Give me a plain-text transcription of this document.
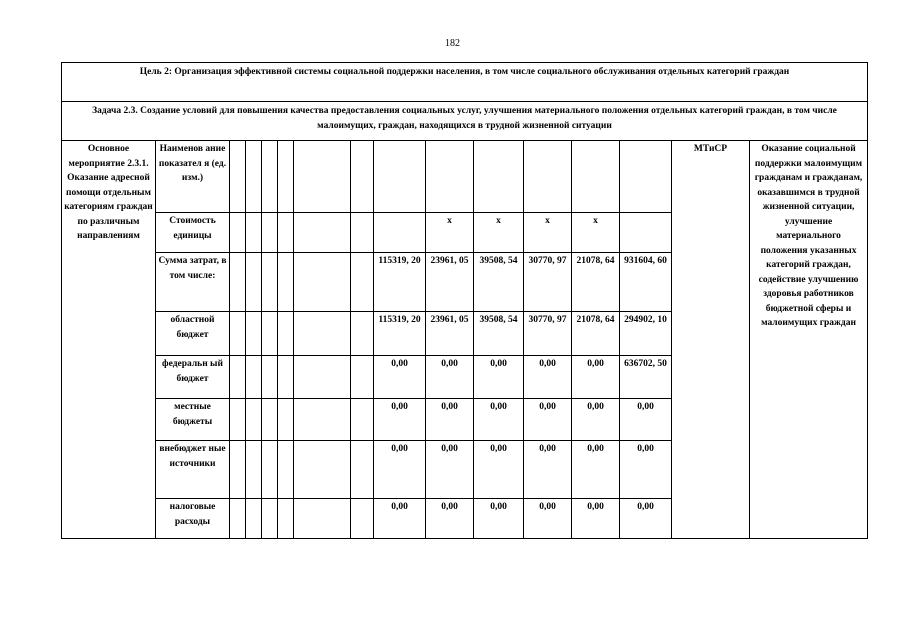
182
Цель 2: Организация эффективной системы социальной поддержки населения, в том числе социального обслуживания отдельных категорий граждан															
Задача 2.3. Создание условий для повышения качества предоставления социальных услуг, улучшения материального положения отдельных категорий граждан, в том числе малоимущих, граждан, находящихся в трудной жизненной ситуации															
Основное мероприятие 2.3.1. Оказание адресной помощи отдельным категориям граждан по различным направлениям	Наименов ание показател я (ед. изм.)													МТиСР	Оказание социальной поддержки малоимущим гражданам и гражданам, оказавшимся в трудной жизненной ситуации, улучшение материального положения указанных категорий граждан, содействие улучшению здоровья работников бюджетной сферы и малоимущих граждан
	Стоимость единицы								x	x	x	x			
	Сумма затрат, в том числе:							115319, 20	23961, 05	39508, 54	30770, 97	21078, 64	931604, 60		
	областной бюджет							115319, 20	23961, 05	39508, 54	30770, 97	21078, 64	294902, 10		
	федеральн ый бюджет							0,00	0,00	0,00	0,00	0,00	636702, 50		
	местные бюджеты							0,00	0,00	0,00	0,00	0,00	0,00		
	внебюджет ные источники							0,00	0,00	0,00	0,00	0,00	0,00		
	налоговые расходы							0,00	0,00	0,00	0,00	0,00	0,00		
